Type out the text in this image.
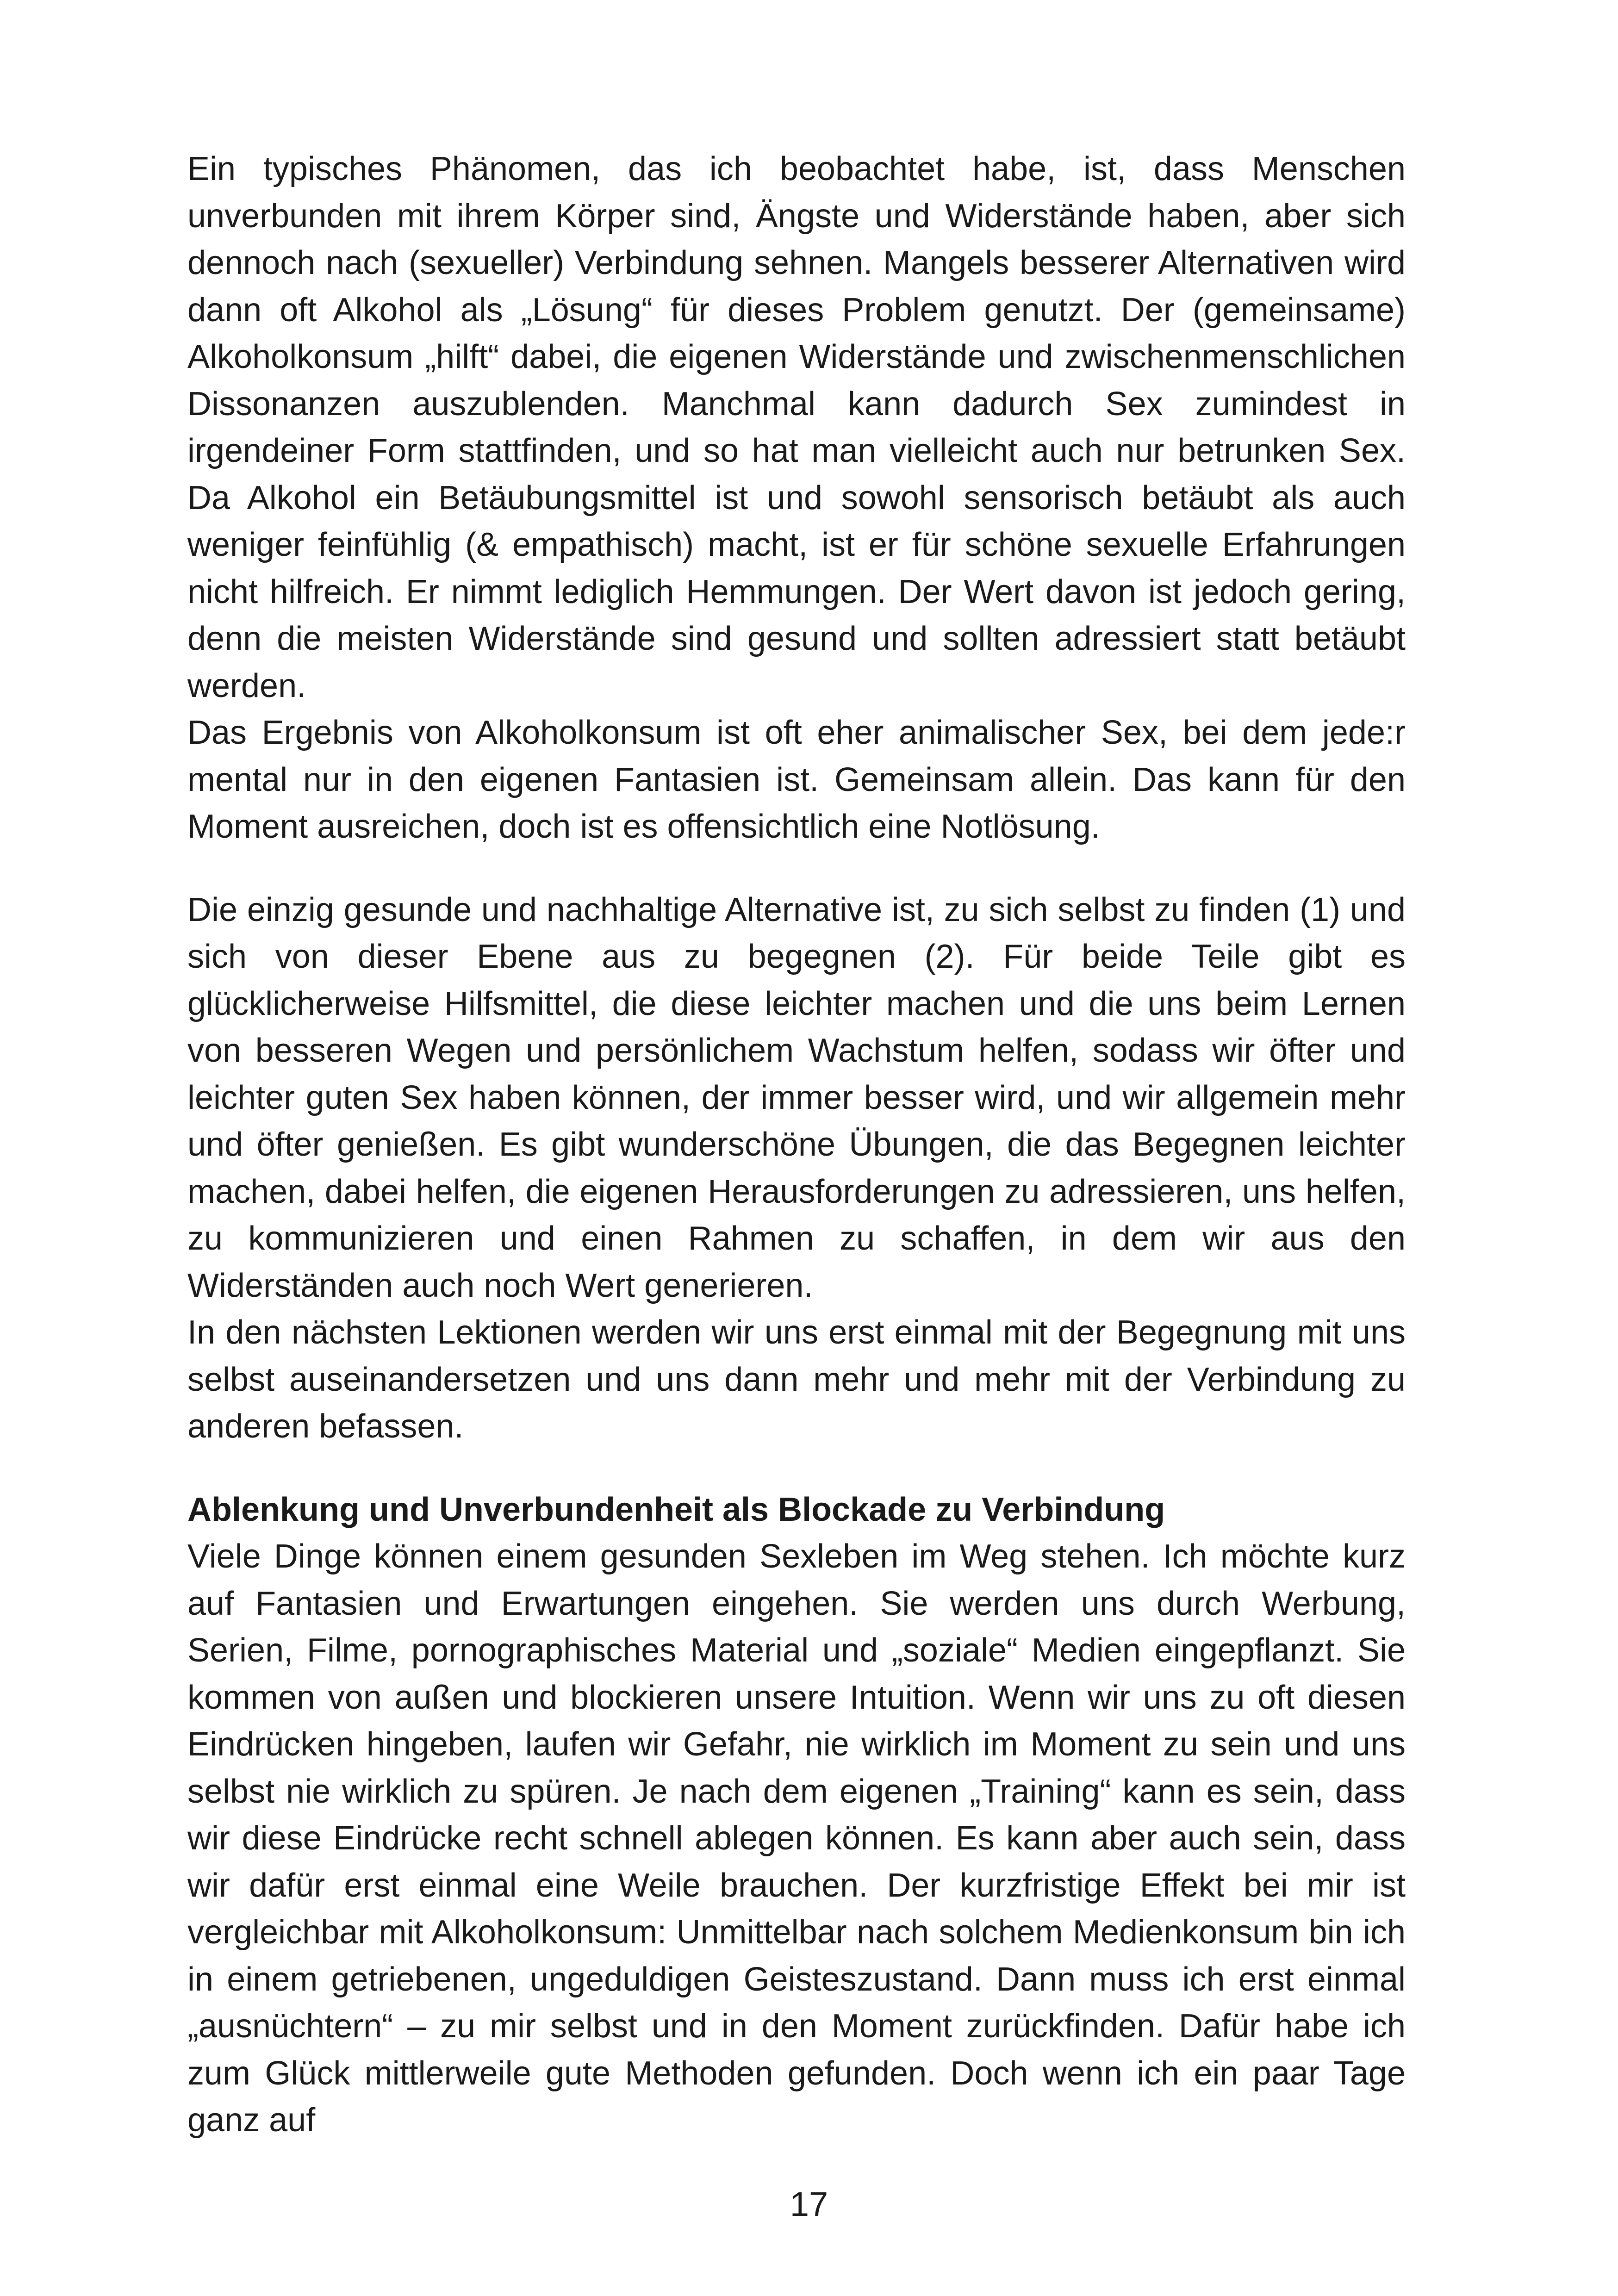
Ein typisches Phänomen, das ich beobachtet habe, ist, dass Menschen unverbunden mit ihrem Körper sind, Ängste und Widerstände haben, aber sich dennoch nach (sexueller) Verbindung sehnen. Mangels besserer Alternativen wird dann oft Alkohol als „Lösung“ für dieses Problem genutzt. Der (gemeinsame) Alkoholkonsum „hilft“ dabei, die eigenen Widerstände und zwischenmenschlichen Dissonanzen auszublenden. Manchmal kann dadurch Sex zumindest in irgendeiner Form stattfinden, und so hat man vielleicht auch nur betrunken Sex. Da Alkohol ein Betäubungsmittel ist und sowohl sensorisch betäubt als auch weniger feinfühlig (& empathisch) macht, ist er für schöne sexuelle Erfahrungen nicht hilfreich. Er nimmt lediglich Hemmungen. Der Wert davon ist jedoch gering, denn die meisten Widerstände sind gesund und sollten adressiert statt betäubt werden.

Das Ergebnis von Alkoholkonsum ist oft eher animalischer Sex, bei dem jede:r mental nur in den eigenen Fantasien ist. Gemeinsam allein. Das kann für den Moment ausreichen, doch ist es offensichtlich eine Notlösung.

Die einzig gesunde und nachhaltige Alternative ist, zu sich selbst zu finden (1) und sich von dieser Ebene aus zu begegnen (2). Für beide Teile gibt es glücklicherweise Hilfsmittel, die diese leichter machen und die uns beim Lernen von besseren Wegen und persönlichem Wachstum helfen, sodass wir öfter und leichter guten Sex haben können, der immer besser wird, und wir allgemein mehr und öfter genießen. Es gibt wunderschöne Übungen, die das Begegnen leichter machen, dabei helfen, die eigenen Herausforderungen zu adressieren, uns helfen, zu kommunizieren und einen Rahmen zu schaffen, in dem wir aus den Widerständen auch noch Wert generieren.

In den nächsten Lektionen werden wir uns erst einmal mit der Begegnung mit uns selbst auseinandersetzen und uns dann mehr und mehr mit der Verbindung zu anderen befassen.

Ablenkung und Unverbundenheit als Blockade zu Verbindung

Viele Dinge können einem gesunden Sexleben im Weg stehen. Ich möchte kurz auf Fantasien und Erwartungen eingehen. Sie werden uns durch Werbung, Serien, Filme, pornographisches Material und „soziale“ Medien eingepflanzt. Sie kommen von außen und blockieren unsere Intuition. Wenn wir uns zu oft diesen Eindrücken hingeben, laufen wir Gefahr, nie wirklich im Moment zu sein und uns selbst nie wirklich zu spüren. Je nach dem eigenen „Training“ kann es sein, dass wir diese Eindrücke recht schnell ablegen können. Es kann aber auch sein, dass wir dafür erst einmal eine Weile brauchen. Der kurzfristige Effekt bei mir ist vergleichbar mit Alkoholkonsum: Unmittelbar nach solchem Medienkonsum bin ich in einem getriebenen, ungeduldigen Geisteszustand. Dann muss ich erst einmal „ausnüchtern“ – zu mir selbst und in den Moment zurückfinden. Dafür habe ich zum Glück mittlerweile gute Methoden gefunden. Doch wenn ich ein paar Tage ganz auf

17
